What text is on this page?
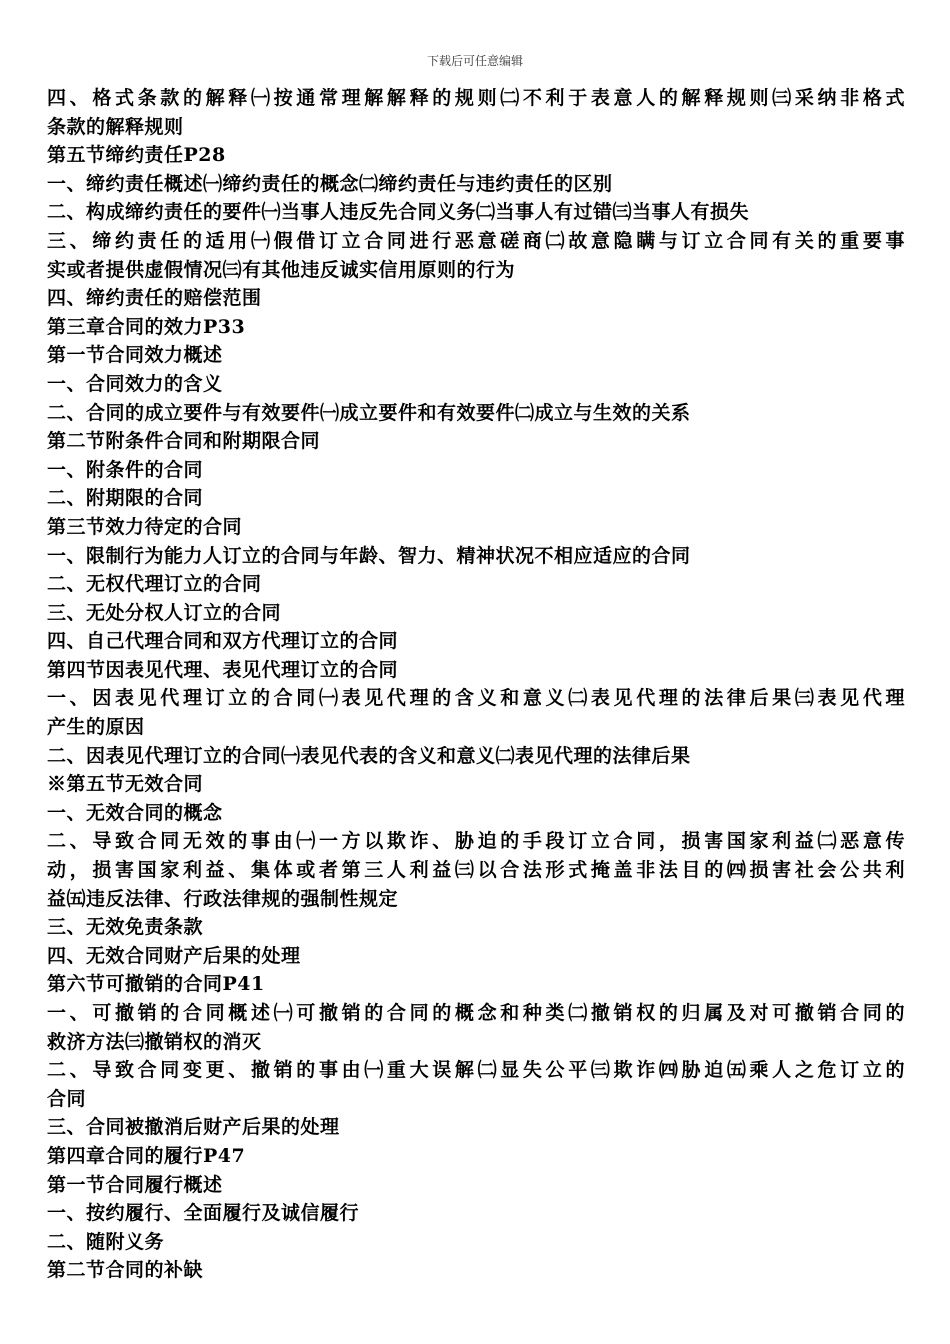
下载后可任意编辑
四、格式条款的解释㈠按通常理解解释的规则㈡不利于表意人的解释规则㈢采纳非格式
条款的解释规则
第五节缔约责任P28
一、缔约责任概述㈠缔约责任的概念㈡缔约责任与违约责任的区别
二、构成缔约责任的要件㈠当事人违反先合同义务㈡当事人有过错㈢当事人有损失
三、缔约责任的适用㈠假借订立合同进行恶意磋商㈡故意隐瞒与订立合同有关的重要事
实或者提供虚假情况㈢有其他违反诚实信用原则的行为
四、缔约责任的赔偿范围
第三章合同的效力P33
第一节合同效力概述
一、合同效力的含义
二、合同的成立要件与有效要件㈠成立要件和有效要件㈡成立与生效的关系
第二节附条件合同和附期限合同
一、附条件的合同
二、附期限的合同
第三节效力待定的合同
一、限制行为能力人订立的合同与年龄、智力、精神状况不相应适应的合同
二、无权代理订立的合同
三、无处分权人订立的合同
四、自己代理合同和双方代理订立的合同
第四节因表见代理、表见代理订立的合同
一、因表见代理订立的合同㈠表见代理的含义和意义㈡表见代理的法律后果㈢表见代理
产生的原因
二、因表见代理订立的合同㈠表见代表的含义和意义㈡表见代理的法律后果
※第五节无效合同
一、无效合同的概念
二、导致合同无效的事由㈠一方以欺诈、胁迫的手段订立合同，损害国家利益㈡恶意传
动，损害国家利益、集体或者第三人利益㈢以合法形式掩盖非法目的㈣损害社会公共利
益㈤违反法律、行政法律规的强制性规定
三、无效免责条款
四、无效合同财产后果的处理
第六节可撤销的合同P41
一、可撤销的合同概述㈠可撤销的合同的概念和种类㈡撤销权的归属及对可撤销合同的
救济方法㈢撤销权的消灭
二、导致合同变更、撤销的事由㈠重大误解㈡显失公平㈢欺诈㈣胁迫㈤乘人之危订立的
合同
三、合同被撤消后财产后果的处理
第四章合同的履行P47
第一节合同履行概述
一、按约履行、全面履行及诚信履行
二、随附义务
第二节合同的补缺
